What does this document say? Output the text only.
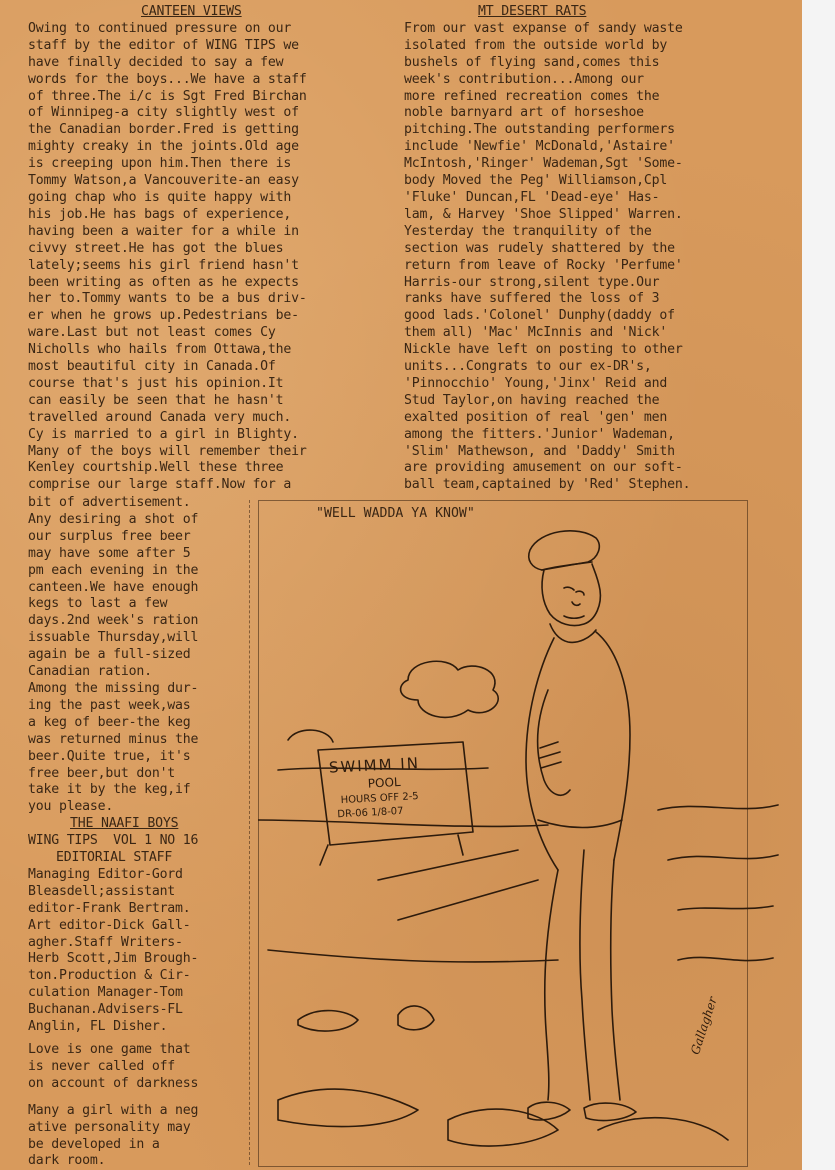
CANTEEN VIEWS
Owing to continued pressure on our
staff by the editor of WING TIPS we
have finally decided to say a few
words for the boys...We have a staff
of three.The i/c is Sgt Fred Birchan
of Winnipeg-a city slightly west of
the Canadian border.Fred is getting
mighty creaky in the joints.Old age
is creeping upon him.Then there is
Tommy Watson,a Vancouverite-an easy
going chap who is quite happy with
his job.He has bags of experience,
having been a waiter for a while in
civvy street.He has got the blues
lately;seems his girl friend hasn't
been writing as often as he expects
her to.Tommy wants to be a bus driv-
er when he grows up.Pedestrians be-
ware.Last but not least comes Cy
Nicholls who hails from Ottawa,the
most beautiful city in Canada.Of
course that's just his opinion.It
can easily be seen that he hasn't
travelled around Canada very much.
Cy is married to a girl in Blighty.
Many of the boys will remember their
Kenley courtship.Well these three
comprise our large staff.Now for a
MT DESERT RATS
From our vast expanse of sandy waste
isolated from the outside world by
bushels of flying sand,comes this
week's contribution...Among our
more refined recreation comes the
noble barnyard art of horseshoe
pitching.The outstanding performers
include 'Newfie' McDonald,'Astaire'
McIntosh,'Ringer' Wademan,Sgt 'Some-
body Moved the Peg' Williamson,Cpl
'Fluke' Duncan,FL 'Dead-eye' Has-
lam, & Harvey 'Shoe Slipped' Warren.
Yesterday the tranquility of the
section was rudely shattered by the
return from leave of Rocky 'Perfume'
Harris-our strong,silent type.Our
ranks have suffered the loss of 3
good lads.'Colonel' Dunphy(daddy of
them all) 'Mac' McInnis and 'Nick'
Nickle have left on posting to other
units...Congrats to our ex-DR's,
'Pinnocchio' Young,'Jinx' Reid and
Stud Taylor,on having reached the
exalted position of real 'gen' men
among the fitters.'Junior' Wademan,
'Slim' Mathewson, and 'Daddy' Smith
are providing amusement on our soft-
ball team,captained by 'Red' Stephen.
bit of advertisement.
Any desiring a shot of
our surplus free beer
may have some after 5
pm each evening in the
canteen.We have enough
kegs to last a few
days.2nd week's ration
issuable Thursday,will
again be a full-sized
Canadian ration.
Among the missing dur-
ing the past week,was
a keg of beer-the keg
was returned minus the
beer.Quite true, it's
free beer,but don't
take it by the keg,if
you please.
THE NAAFI BOYS
WING TIPS  VOL 1 NO 16
EDITORIAL STAFF
Managing Editor-Gord
Bleasdell;assistant
editor-Frank Bertram.
Art editor-Dick Gall-
agher.Staff Writers-
Herb Scott,Jim Brough-
ton.Production & Cir-
culation Manager-Tom
Buchanan.Advisers-FL
Anglin, FL Disher.
Love is one game that
is never called off
on account of darkness
Many a girl with a neg
ative personality may
be developed in a
dark room.
"WELL WADDA YA KNOW"
SWIMM IN
POOL
HOURS OFF 2-5
DR-06 1/8-07
Gallagher
